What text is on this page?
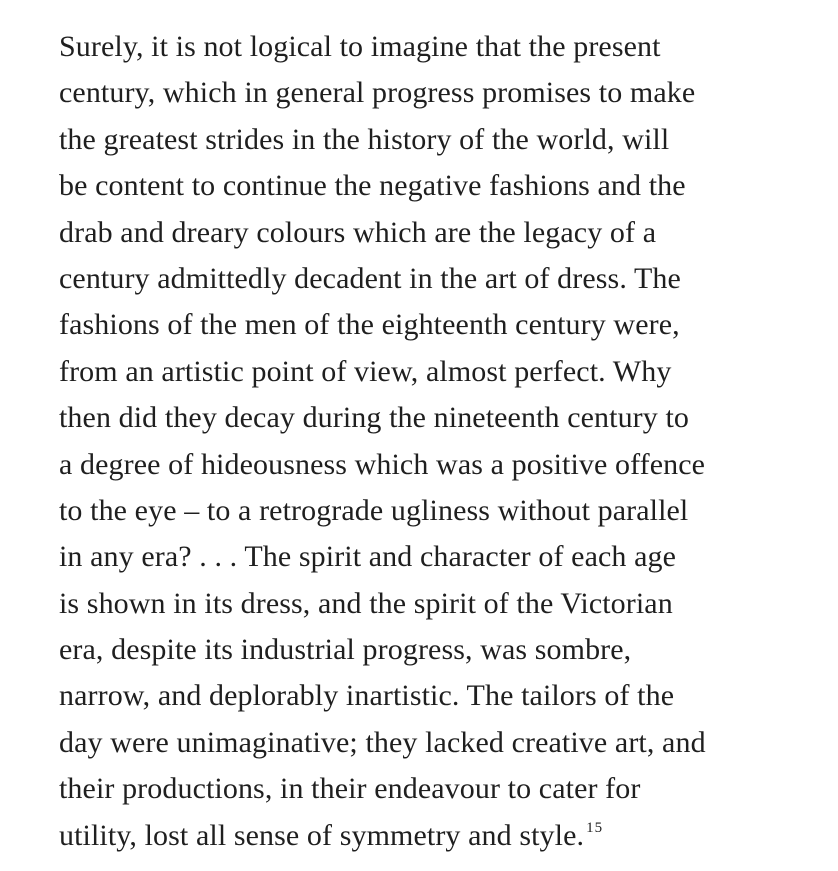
Surely, it is not logical to imagine that the present
century, which in general progress promises to make
the greatest strides in the history of the world, will
be content to continue the negative fashions and the
drab and dreary colours which are the legacy of a
century admittedly decadent in the art of dress. The
fashions of the men of the eighteenth century were,
from an artistic point of view, almost perfect. Why
then did they decay during the nineteenth century to
a degree of hideousness which was a positive offence
to the eye – to a retrograde ugliness without parallel
in any era? . . . The spirit and character of each age
is shown in its dress, and the spirit of the Victorian
era, despite its industrial progress, was sombre,
narrow, and deplorably inartistic. The tailors of the
day were unimaginative; they lacked creative art, and
their productions, in their endeavour to cater for
utility, lost all sense of symmetry and style. $^{15}$
